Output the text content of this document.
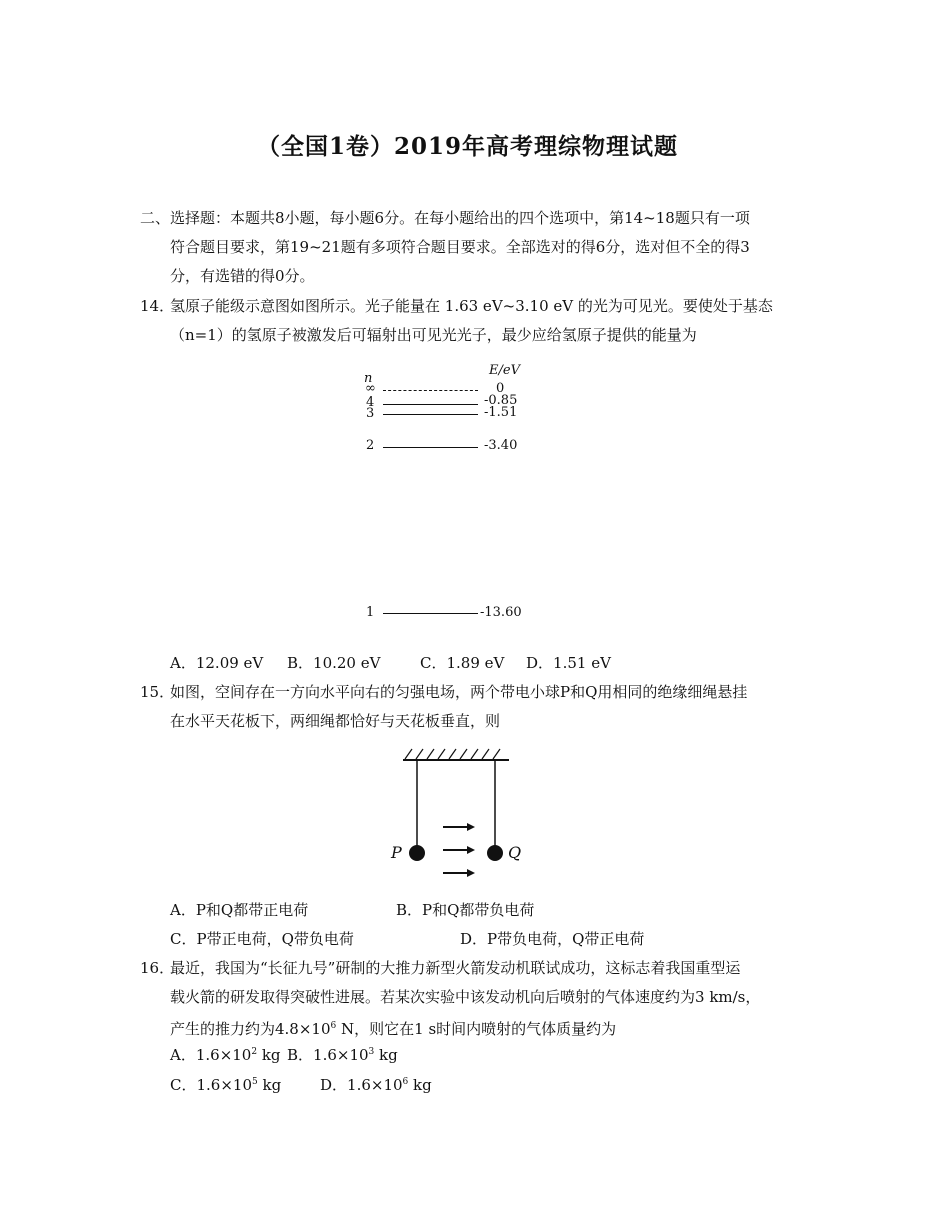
（全国1卷）2019年高考理综物理试题
二、选择题：本题共8小题，每小题6分。在每小题给出的四个选项中，第14~18题只有一项
符合题目要求，第19~21题有多项符合题目要求。全部选对的得6分，选对但不全的得3
分，有选错的得0分。
14．
氢原子能级示意图如图所示。光子能量在 1.63 eV~3.10 eV 的光为可见光。要使处于基态
（n=1）的氢原子被激发后可辐射出可见光光子，最少应给氢原子提供的能量为
n
E/eV
∞	0
4	-0.85
3	-1.51
2	-3.40
1	-13.60
A．12.09 eV B．10.20 eV	C．1.89 eV D．1.51 eV
15．
如图，空间存在一方向水平向右的匀强电场，两个带电小球P和Q用相同的绝缘细绳悬挂
在水平天花板下，两细绳都恰好与天花板垂直，则
P	Q
A．P和Q都带正电荷	B．P和Q都带负电荷
C．P带正电荷，Q带负电荷	D．P带负电荷，Q带正电荷
16．
最近，我国为“长征九号”研制的大推力新型火箭发动机联试成功，这标志着我国重型运
载火箭的研发取得突破性进展。若某次实验中该发动机向后喷射的气体速度约为3 km/s，
产生的推力约为$4.8\times 10^6$ N，则它在1 s时间内喷射的气体质量约为
A．$1.6\times 10^2$ kg B．$1.6\times 10^3$ kg
C．$1.6\times 10^5$ kg	D．$1.6\times 10^6$ kg
